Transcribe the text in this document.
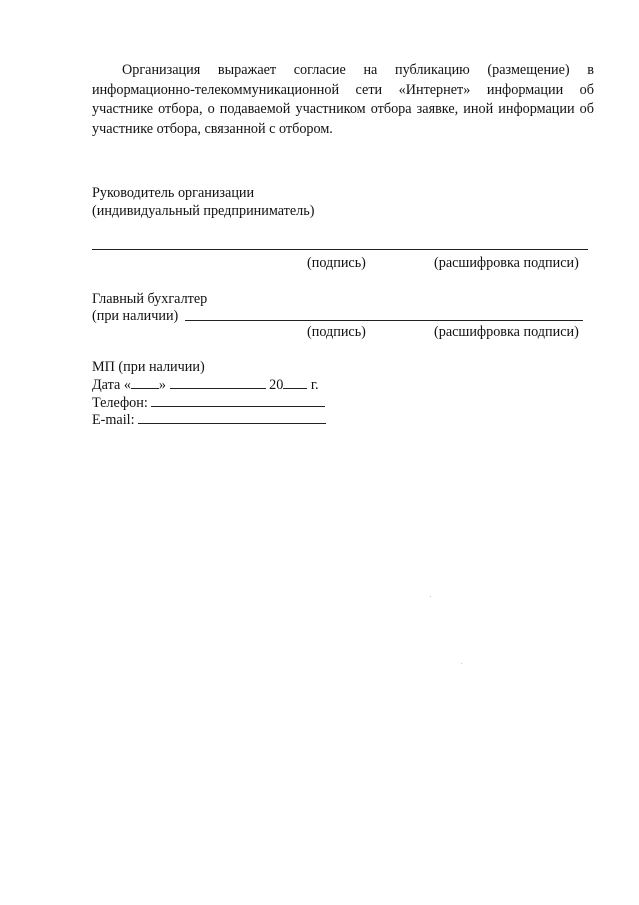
Организация выражает согласие на публикацию (размещение) в информационно-телекоммуникационной сети «Интернет» информации об участнике отбора, о подаваемой участником отбора заявке, иной информации об участнике отбора, связанной с отбором.

Руководитель организации
(индивидуальный предприниматель)
(подпись)	(расшифровка подписи)
Главный бухгалтер
(при наличии)
(подпись)	(расшифровка подписи)
МП (при наличии)
Дата « »	20 г.
Телефон:
E-mail:
